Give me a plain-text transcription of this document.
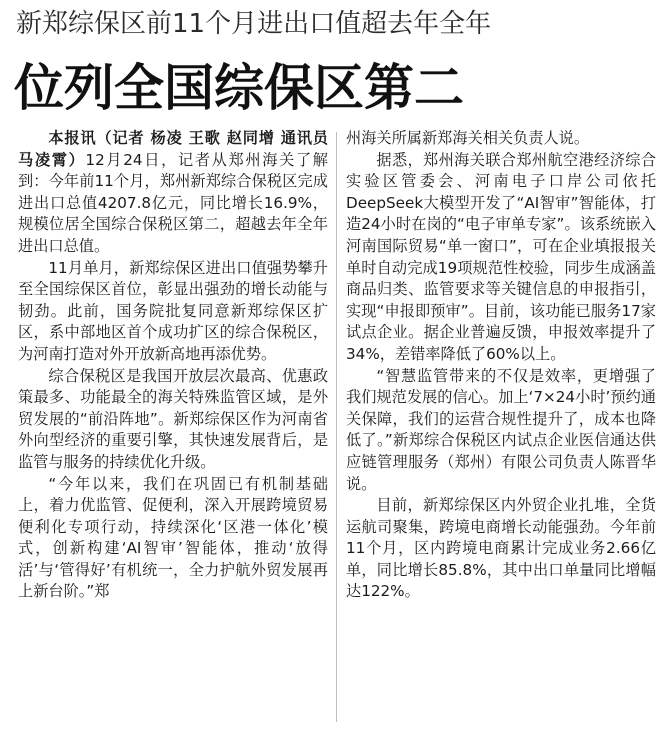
新郑综保区前11个月进出口值超去年全年
位列全国综保区第二

本报讯（记者 杨凌 王歌 赵同增 通讯员 马凌霄）12月24日，记者从郑州海关了解到：今年前11个月，郑州新郑综合保税区完成进出口总值4207.8亿元，同比增长16.9%，规模位居全国综合保税区第二，超越去年全年进出口总值。

11月单月，新郑综保区进出口值强势攀升至全国综保区首位，彰显出强劲的增长动能与韧劲。此前，国务院批复同意新郑综保区扩区，系中部地区首个成功扩区的综合保税区，为河南打造对外开放新高地再添优势。

综合保税区是我国开放层次最高、优惠政策最多、功能最全的海关特殊监管区域，是外贸发展的“前沿阵地”。新郑综保区作为河南省外向型经济的重要引擎，其快速发展背后，是监管与服务的持续优化升级。

“今年以来，我们在巩固已有机制基础上，着力优监管、促便利，深入开展跨境贸易便利化专项行动，持续深化‘区港一体化’模式，创新构建‘AI智审’智能体，推动‘放得活’与‘管得好’有机统一，全力护航外贸发展再上新台阶。”郑

州海关所属新郑海关相关负责人说。

据悉，郑州海关联合郑州航空港经济综合实验区管委会、河南电子口岸公司依托DeepSeek大模型开发了“AI智审”智能体，打造24小时在岗的“电子审单专家”。该系统嵌入河南国际贸易“单一窗口”，可在企业填报报关单时自动完成19项规范性校验，同步生成涵盖商品归类、监管要求等关键信息的申报指引，实现“申报即预审”。目前，该功能已服务17家试点企业。据企业普遍反馈，申报效率提升了34%，差错率降低了60%以上。

“智慧监管带来的不仅是效率，更增强了我们规范发展的信心。加上‘7×24小时’预约通关保障，我们的运营合规性提升了，成本也降低了。”新郑综合保税区内试点企业医信通达供应链管理服务（郑州）有限公司负责人陈晋华说。

目前，新郑综保区内外贸企业扎堆，全货运航司聚集，跨境电商增长动能强劲。今年前11个月，区内跨境电商累计完成业务2.66亿单，同比增长85.8%，其中出口单量同比增幅达122%。
